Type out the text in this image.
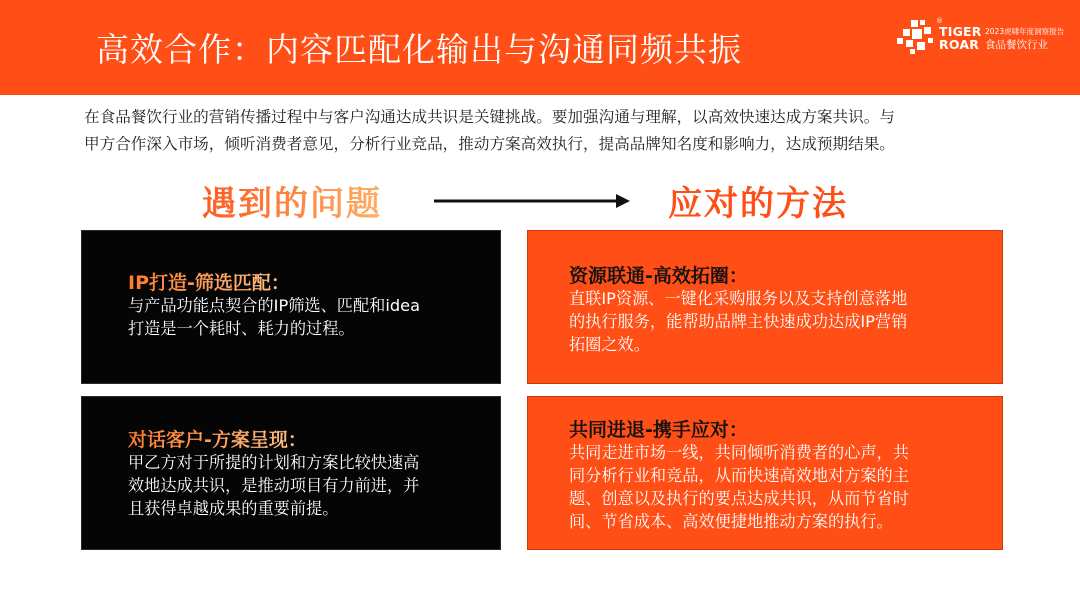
高效合作：内容匹配化输出与沟通同频共振
®
TIGER
ROAR
2023虎啸年度洞察报告
食品餐饮行业
在食品餐饮行业的营销传播过程中与客户沟通达成共识是关键挑战。要加强沟通与理解，以高效快速达成方案共识。与
甲方合作深入市场，倾听消费者意见，分析行业竞品，推动方案高效执行，提高品牌知名度和影响力，达成预期结果。
遇到的问题	应对的方法
IP打造-筛选匹配：
与产品功能点契合的IP筛选、匹配和idea
打造是一个耗时、耗力的过程。
对话客户-方案呈现：
甲乙方对于所提的计划和方案比较快速高
效地达成共识，是推动项目有力前进，并
且获得卓越成果的重要前提。
资源联通-高效拓圈：
直联IP资源、一键化采购服务以及支持创意落地
的执行服务，能帮助品牌主快速成功达成IP营销
拓圈之效。
共同进退-携手应对：
共同走进市场一线，共同倾听消费者的心声，共
同分析行业和竞品，从而快速高效地对方案的主
题、创意以及执行的要点达成共识，从而节省时
间、节省成本、高效便捷地推动方案的执行。
